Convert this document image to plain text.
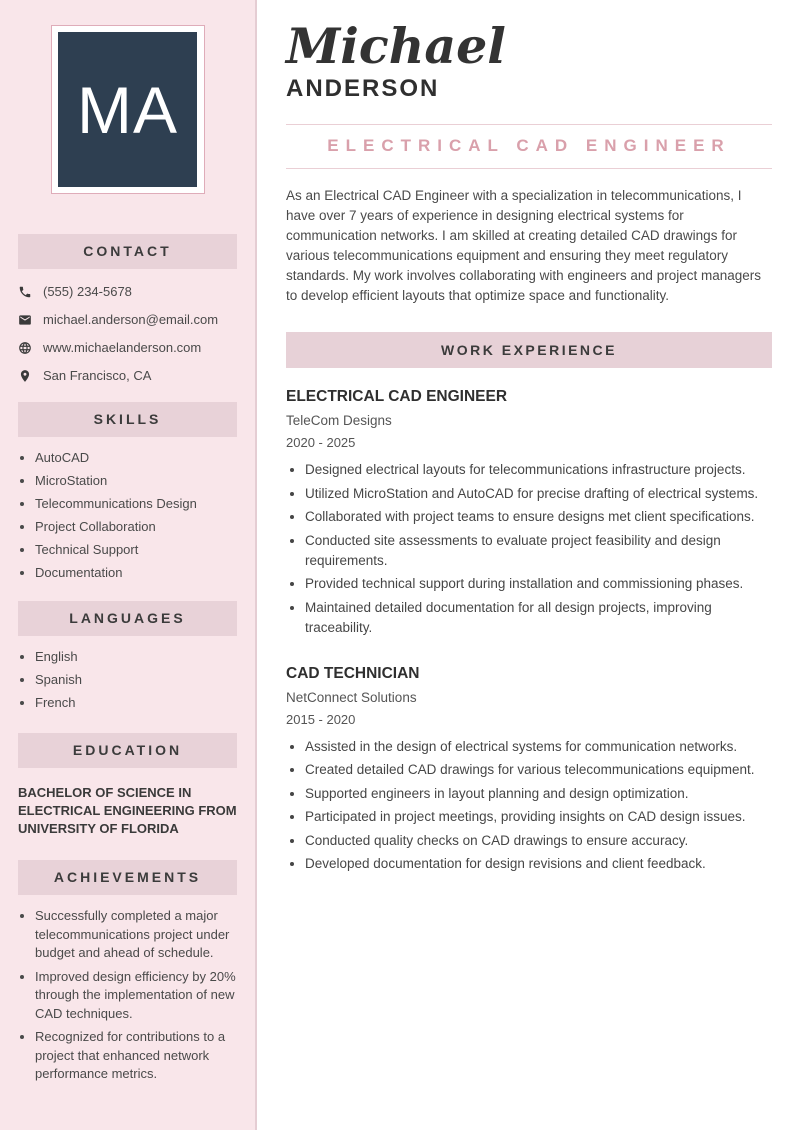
MA
CONTACT
(555) 234-5678
michael.anderson@email.com
www.michaelanderson.com
San Francisco, CA
SKILLS
• AutoCAD
• MicroStation
• Telecommunications Design
• Project Collaboration
• Technical Support
• Documentation
LANGUAGES
• English
• Spanish
• French
EDUCATION

BACHELOR OF SCIENCE IN ELECTRICAL ENGINEERING FROM UNIVERSITY OF FLORIDA

ACHIEVEMENTS
• Successfully completed a major telecommunications project under budget and ahead of schedule.
• Improved design efficiency by 20% through the implementation of new CAD techniques.
• Recognized for contributions to a project that enhanced network performance metrics.
Michael
ANDERSON
ELECTRICAL CAD ENGINEER

As an Electrical CAD Engineer with a specialization in telecommunications, I have over 7 years of experience in designing electrical systems for communication networks. I am skilled at creating detailed CAD drawings for various telecommunications equipment and ensuring they meet regulatory standards. My work involves collaborating with engineers and project managers to develop efficient layouts that optimize space and functionality.

WORK EXPERIENCE
ELECTRICAL CAD ENGINEER
TeleCom Designs
2020 - 2025
• Designed electrical layouts for telecommunications infrastructure projects.
• Utilized MicroStation and AutoCAD for precise drafting of electrical systems.
• Collaborated with project teams to ensure designs met client specifications.
• Conducted site assessments to evaluate project feasibility and design requirements.
• Provided technical support during installation and commissioning phases.
• Maintained detailed documentation for all design projects, improving traceability.
CAD TECHNICIAN
NetConnect Solutions
2015 - 2020
• Assisted in the design of electrical systems for communication networks.
• Created detailed CAD drawings for various telecommunications equipment.
• Supported engineers in layout planning and design optimization.
• Participated in project meetings, providing insights on CAD design issues.
• Conducted quality checks on CAD drawings to ensure accuracy.
• Developed documentation for design revisions and client feedback.
